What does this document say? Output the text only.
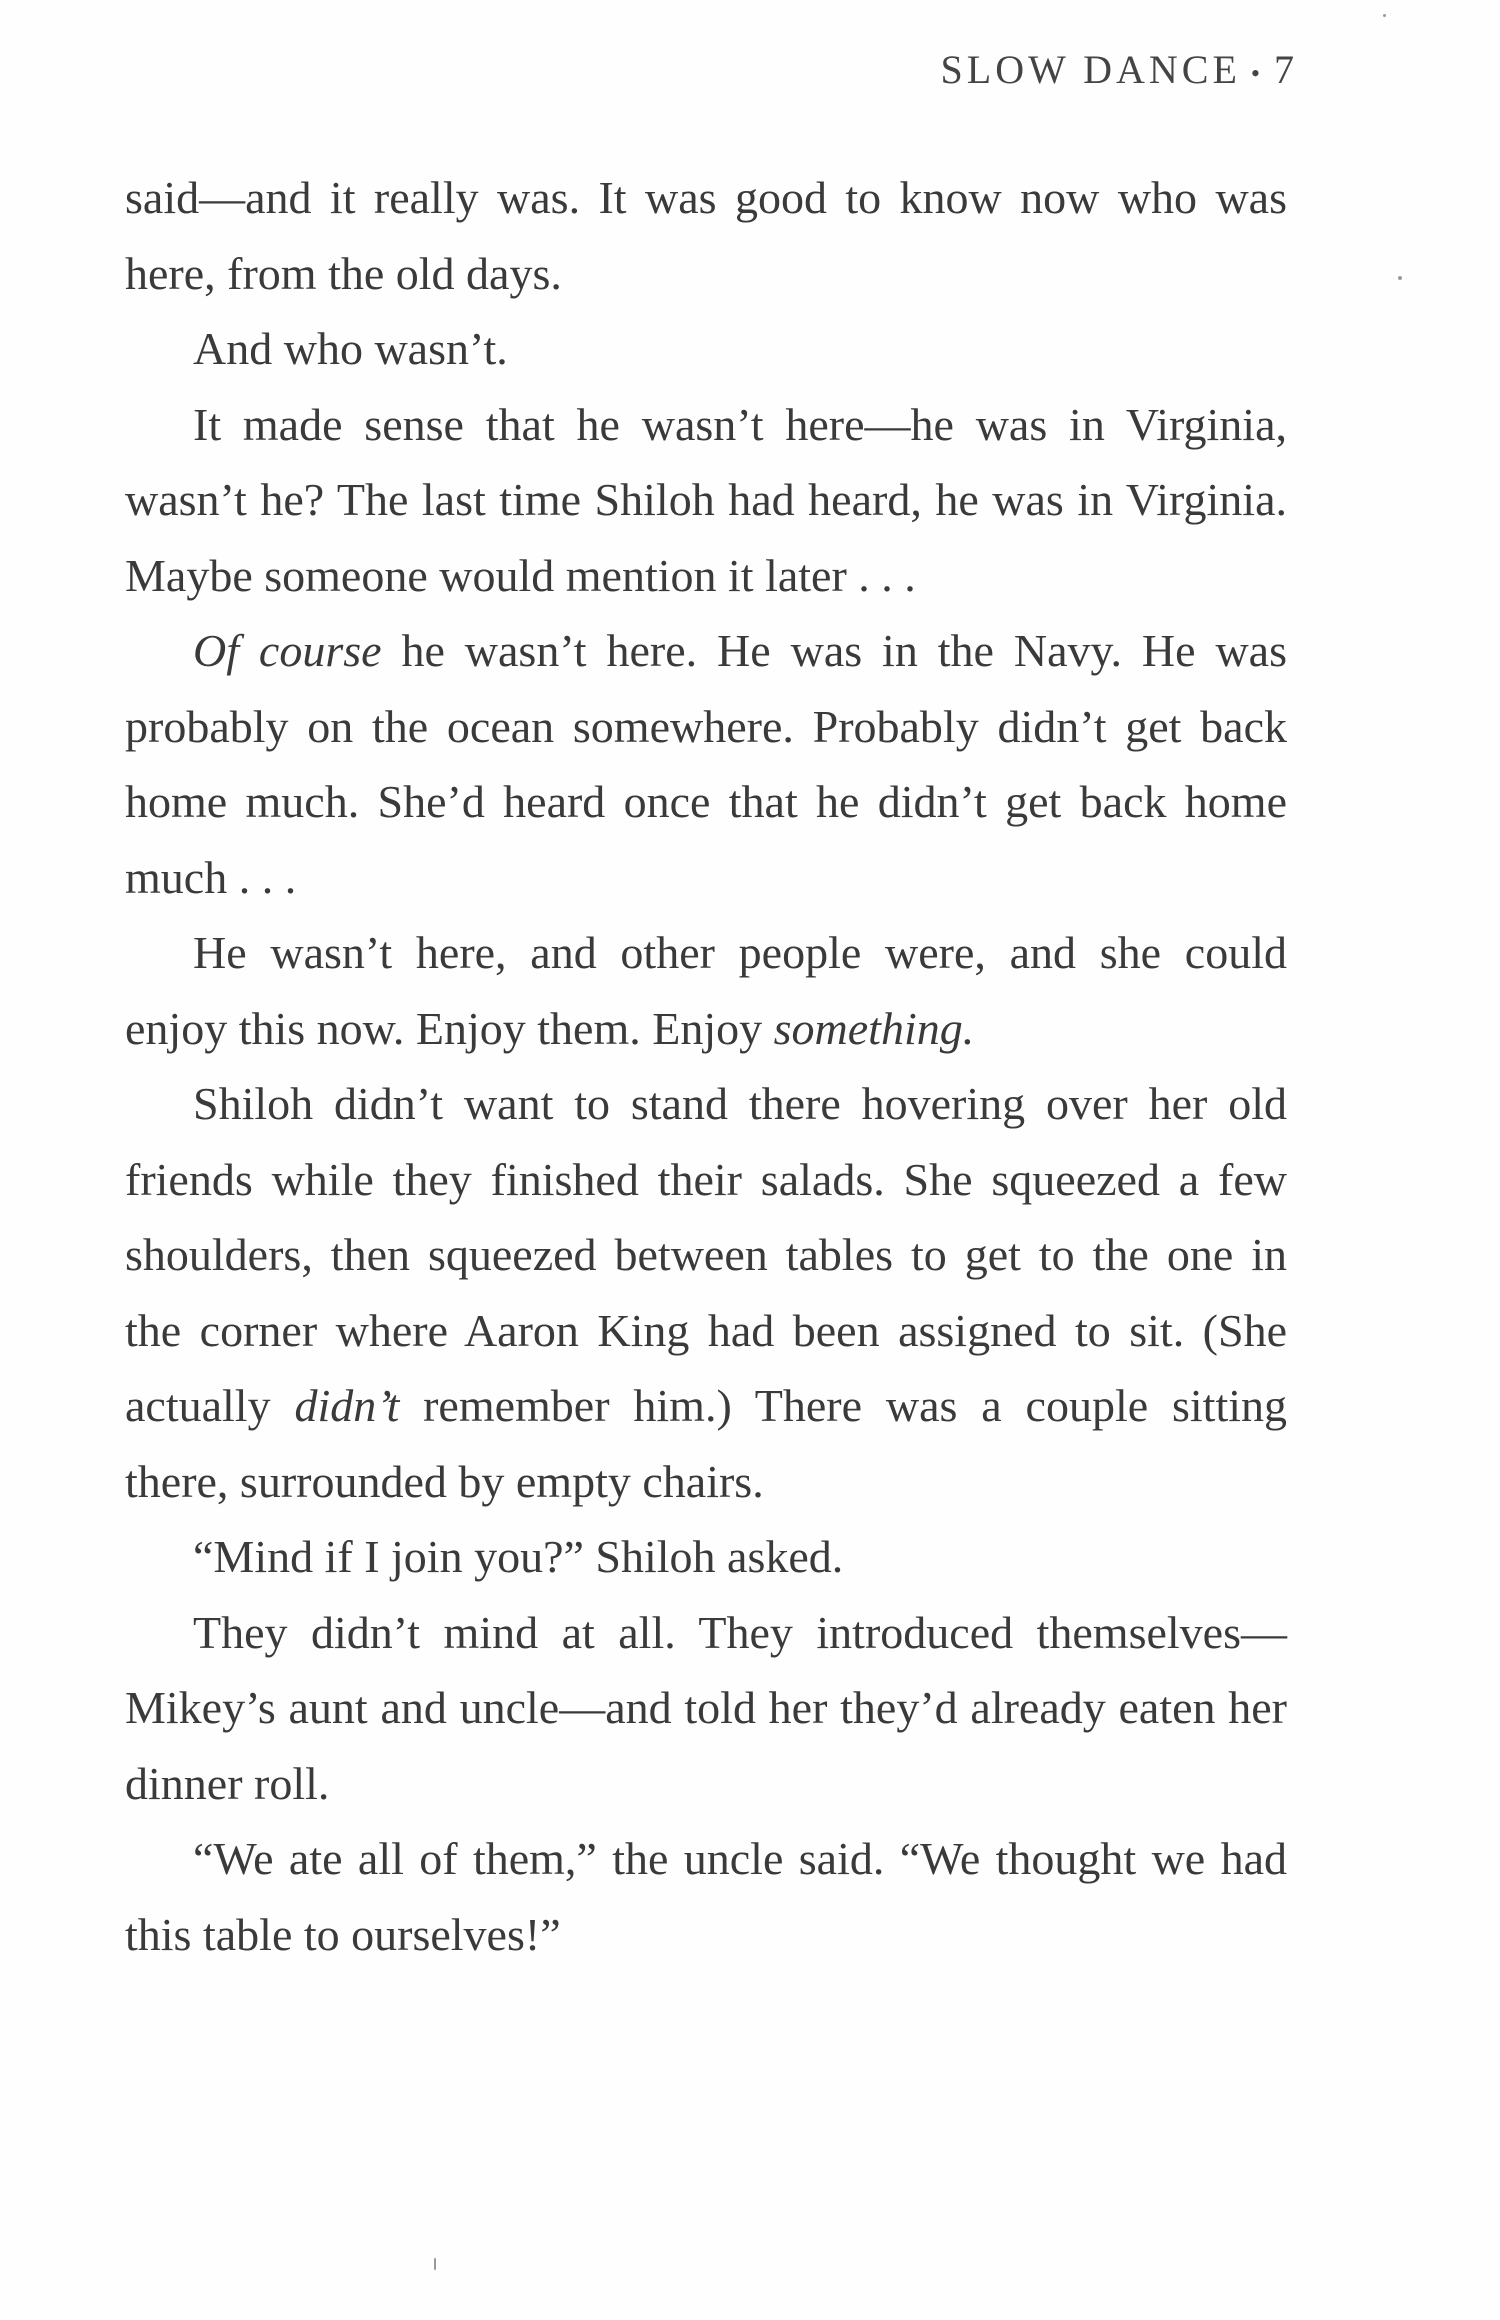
SLOW DANCE • 7

said—and it really was. It was good to know now who was here, from the old days.

And who wasn’t.

It made sense that he wasn’t here—he was in Virginia, wasn’t he? The last time Shiloh had heard, he was in Virginia. Maybe someone would mention it later . . .

Of course he wasn’t here. He was in the Navy. He was probably on the ocean somewhere. Probably didn’t get back home much. She’d heard once that he didn’t get back home much . . .

He wasn’t here, and other people were, and she could enjoy this now. Enjoy them. Enjoy something.

Shiloh didn’t want to stand there hovering over her old friends while they finished their salads. She squeezed a few shoulders, then squeezed between tables to get to the one in the corner where Aaron King had been assigned to sit. (She actually didn’t remember him.) There was a couple sitting there, surrounded by empty chairs.

“Mind if I join you?” Shiloh asked.

They didn’t mind at all. They introduced themselves—Mikey’s aunt and uncle—and told her they’d already eaten her dinner roll.

“We ate all of them,” the uncle said. “We thought we had this table to ourselves!”
